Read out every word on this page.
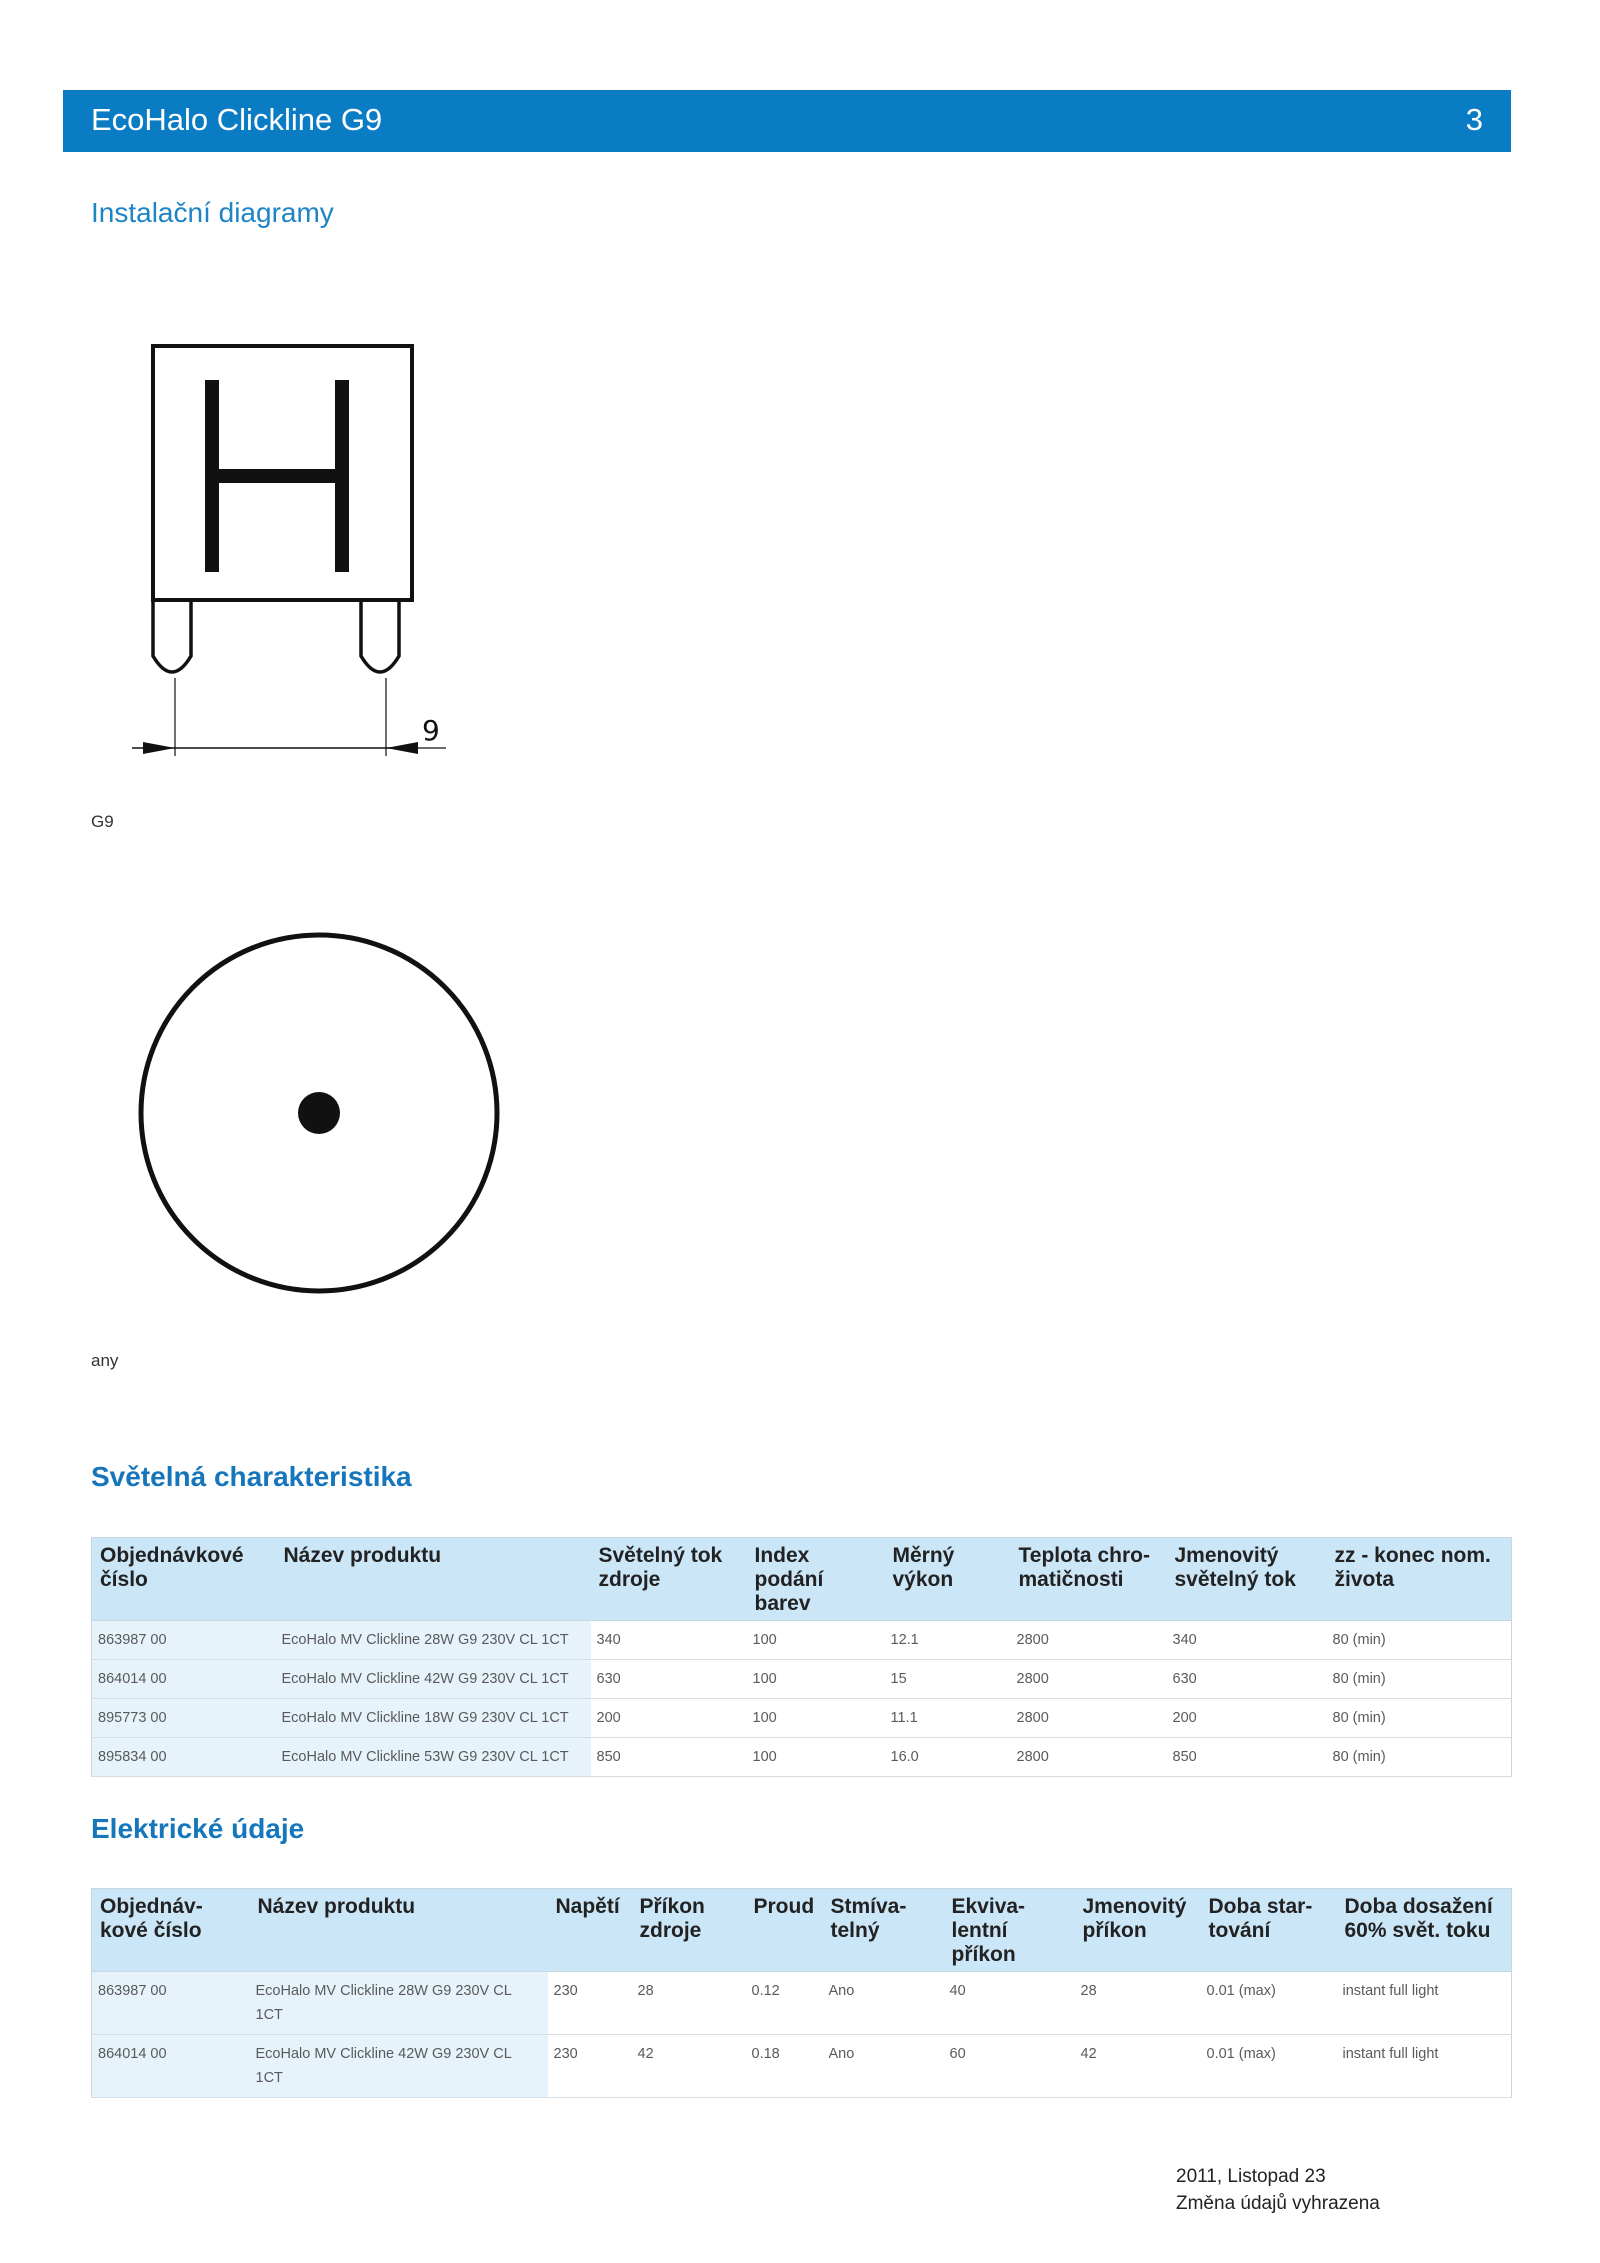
EcoHalo Clickline G9	3
Instalační diagramy
9
G9
any
Světelná charakteristika
Objednávkové číslo	Název produktu	Světelný tok zdroje	Index podání barev	Měrný výkon	Teplota chro-matičnosti	Jmenovitý světelný tok	zz - konec nom. života
863987 00	EcoHalo MV Clickline 28W G9 230V CL 1CT	340	100	12.1	2800	340	80 (min)
864014 00	EcoHalo MV Clickline 42W G9 230V CL 1CT	630	100	15	2800	630	80 (min)
895773 00	EcoHalo MV Clickline 18W G9 230V CL 1CT	200	100	11.1	2800	200	80 (min)
895834 00	EcoHalo MV Clickline 53W G9 230V CL 1CT	850	100	16.0	2800	850	80 (min)
Elektrické údaje
Objednáv-kové číslo	Název produktu	Napětí	Příkon zdroje	Proud	Stmíva-telný	Ekviva-lentní příkon	Jmenovitý příkon	Doba star-tování	Doba dosažení 60% svět. toku
863987 00	EcoHalo MV Clickline 28W G9 230V CL 1CT	230	28	0.12	Ano	40	28	0.01 (max)	instant full light
864014 00	EcoHalo MV Clickline 42W G9 230V CL 1CT	230	42	0.18	Ano	60	42	0.01 (max)	instant full light
2011, Listopad 23
Změna údajů vyhrazena
